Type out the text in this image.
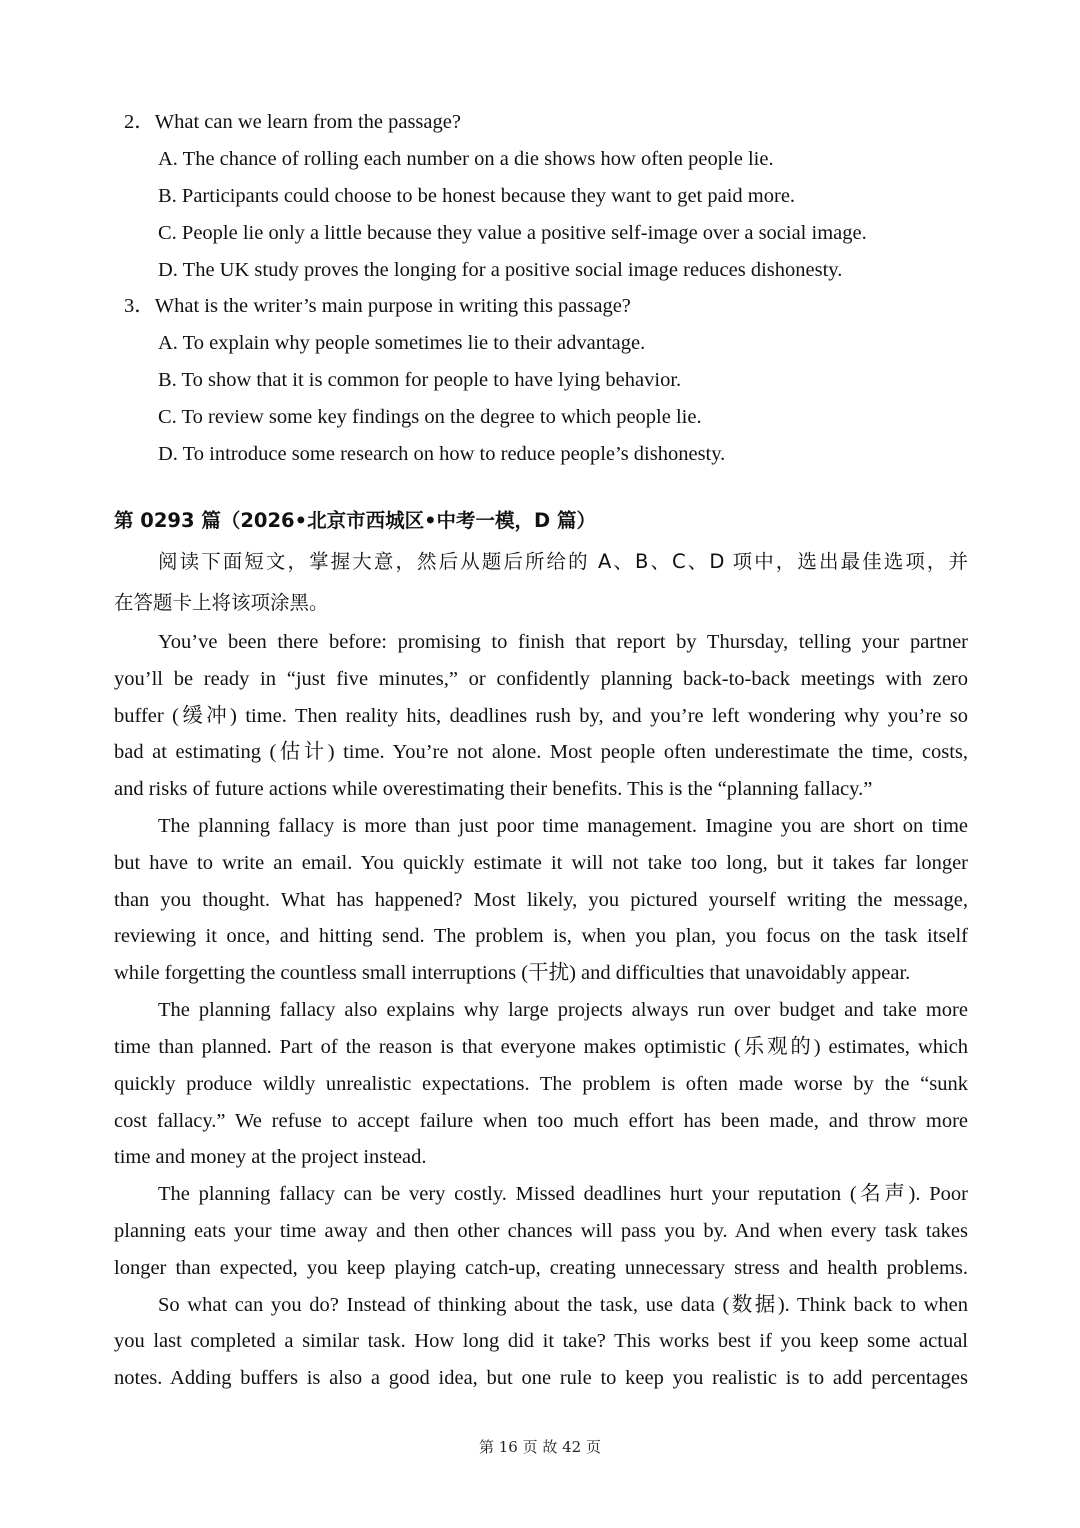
2．What can we learn from the passage?
A. The chance of rolling each number on a die shows how often people lie.
B. Participants could choose to be honest because they want to get paid more.
C. People lie only a little because they value a positive self-image over a social image.
D. The UK study proves the longing for a positive social image reduces dishonesty.
3．What is the writer’s main purpose in writing this passage?
A. To explain why people sometimes lie to their advantage.
B. To show that it is common for people to have lying behavior.
C. To review some key findings on the degree to which people lie.
D. To introduce some research on how to reduce people’s dishonesty.
第 0293 篇（2026•北京市西城区•中考一模，D 篇）
阅读下面短文，掌握大意，然后从题后所给的 A、B、C、D 项中，选出最佳选项，并
在答题卡上将该项涂黑。
You’ve been there before: promising to finish that report by Thursday, telling your partner
you’ll be ready in “just five minutes,” or confidently planning back-to-back meetings with zero
buffer (缓冲) time. Then reality hits, deadlines rush by, and you’re left wondering why you’re so
bad at estimating (估计) time. You’re not alone. Most people often underestimate the time, costs,
and risks of future actions while overestimating their benefits. This is the “planning fallacy.”
The planning fallacy is more than just poor time management. Imagine you are short on time
but have to write an email. You quickly estimate it will not take too long, but it takes far longer
than you thought. What has happened? Most likely, you pictured yourself writing the message,
reviewing it once, and hitting send. The problem is, when you plan, you focus on the task itself
while forgetting the countless small interruptions (干扰) and difficulties that unavoidably appear.
The planning fallacy also explains why large projects always run over budget and take more
time than planned. Part of the reason is that everyone makes optimistic (乐观的) estimates, which
quickly produce wildly unrealistic expectations. The problem is often made worse by the “sunk
cost fallacy.” We refuse to accept failure when too much effort has been made, and throw more
time and money at the project instead.
The planning fallacy can be very costly. Missed deadlines hurt your reputation (名声). Poor
planning eats your time away and then other chances will pass you by. And when every task takes
longer than expected, you keep playing catch-up, creating unnecessary stress and health problems.
So what can you do? Instead of thinking about the task, use data (数据). Think back to when
you last completed a similar task. How long did it take? This works best if you keep some actual
notes. Adding buffers is also a good idea, but one rule to keep you realistic is to add percentages
第 16 页 故 42 页
